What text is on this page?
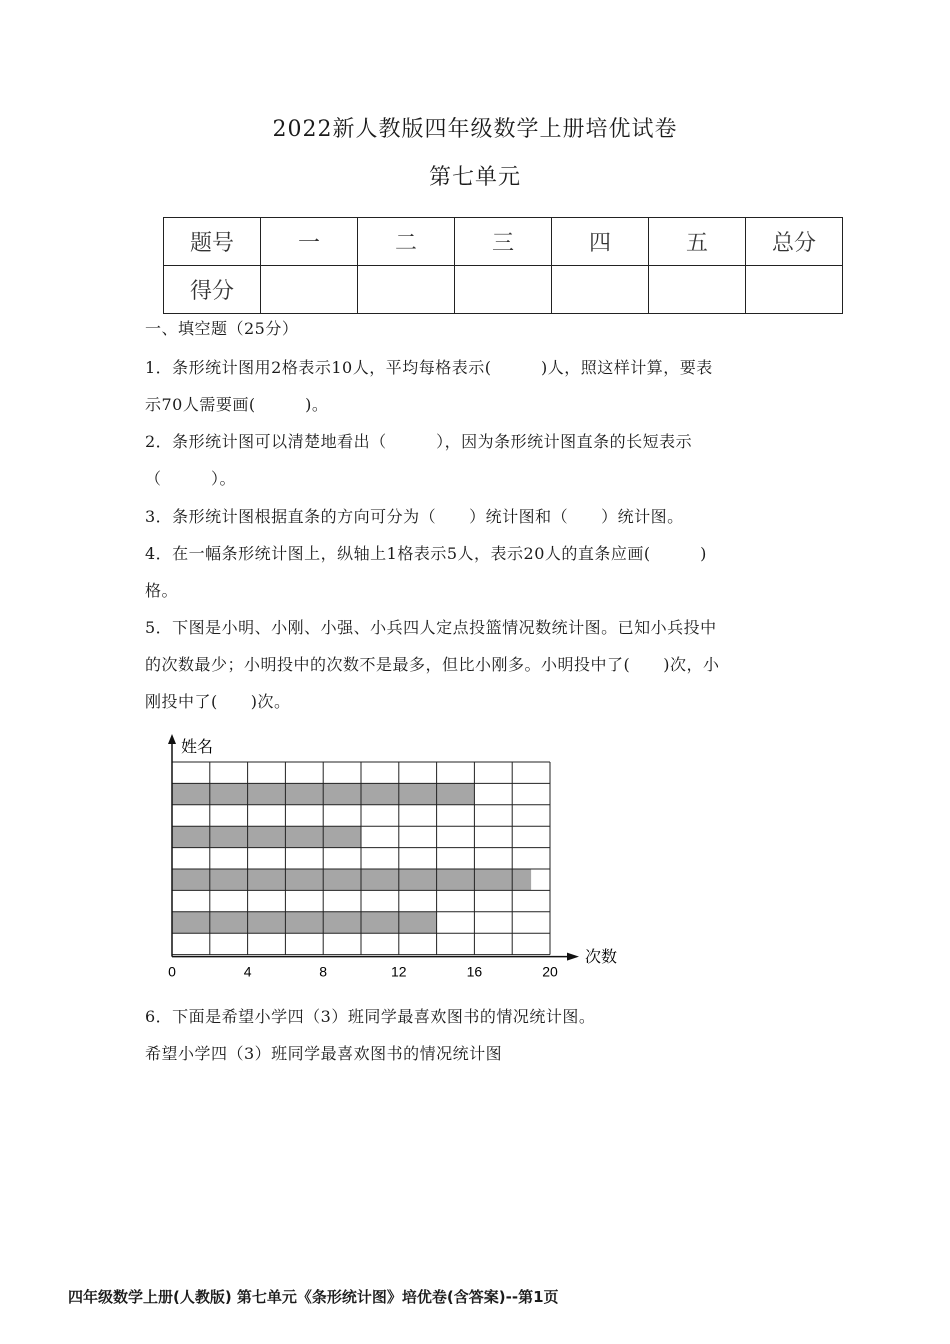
2022新人教版四年级数学上册培优试卷
第七单元
题号	一	二	三	四	五	总分
得分						
一、填空题（25分）
1．条形统计图用2格表示10人，平均每格表示(　　　)人，照这样计算，要表
示70人需要画(　　　)。
2．条形统计图可以清楚地看出（　　　），因为条形统计图直条的长短表示
（　　　）。
3．条形统计图根据直条的方向可分为（　　）统计图和（　　）统计图。
4．在一幅条形统计图上，纵轴上1格表示5人，表示20人的直条应画(　　　)
格。
5．下图是小明、小刚、小强、小兵四人定点投篮情况数统计图。已知小兵投中
的次数最少；小明投中的次数不是最多，但比小刚多。小明投中了(　　)次，小
刚投中了(　　)次。
0	4	8	12	16	20
姓名
次数
6．下面是希望小学四（3）班同学最喜欢图书的情况统计图。
希望小学四（3）班同学最喜欢图书的情况统计图
四年级数学上册(人教版) 第七单元《条形统计图》培优卷(含答案)--第1页
